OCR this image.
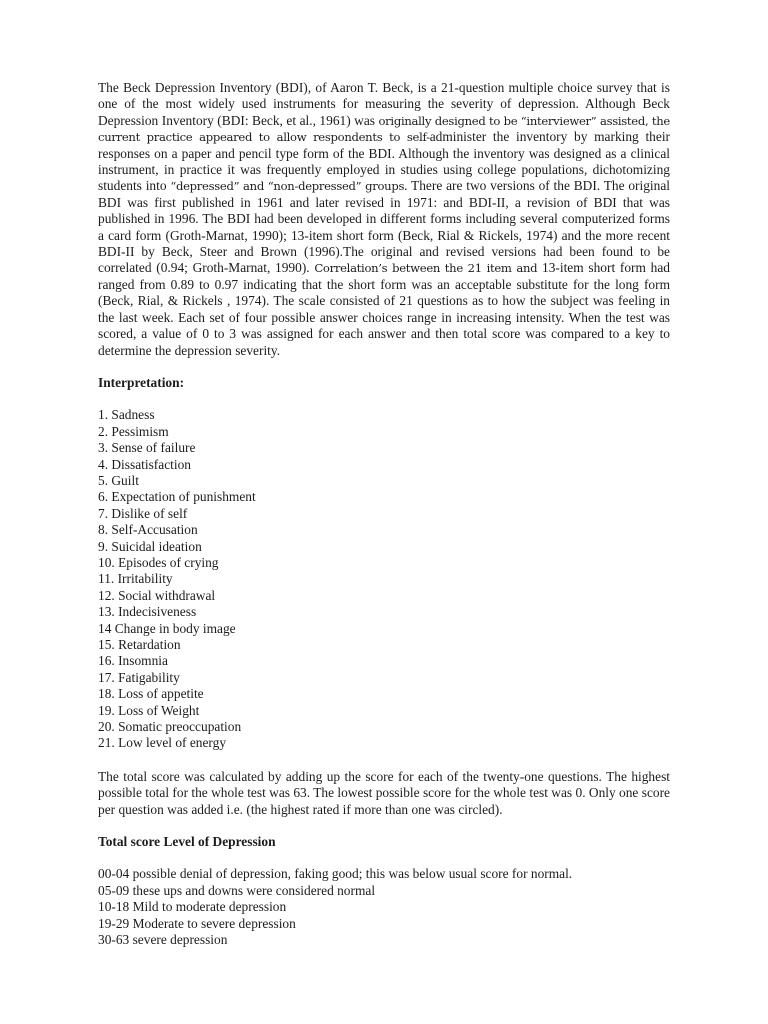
The Beck Depression Inventory (BDI), of Aaron T. Beck, is a 21-question multiple choice survey that is one of the most widely used instruments for measuring the severity of depression. Although Beck Depression Inventory (BDI: Beck, et al., 1961) was originally designed to be “interviewer” assisted, the current practice appeared to allow respondents to self-administer the inventory by marking their responses on a paper and pencil type form of the BDI. Although the inventory was designed as a clinical instrument, in practice it was frequently employed in studies using college populations, dichotomizing students into “depressed” and “non-depressed” groups. There are two versions of the BDI. The original BDI was first published in 1961 and later revised in 1971: and BDI-II, a revision of BDI that was published in 1996. The BDI had been developed in different forms including several computerized forms a card form (Groth-Marnat, 1990); 13-item short form (Beck, Rial & Rickels, 1974) and the more recent BDI-II by Beck, Steer and Brown (1996).The original and revised versions had been found to be correlated (0.94; Groth-Marnat, 1990). Correlation’s between the 21 item and 13-item short form had ranged from 0.89 to 0.97 indicating that the short form was an acceptable substitute for the long form (Beck, Rial, & Rickels , 1974). The scale consisted of 21 questions as to how the subject was feeling in the last week. Each set of four possible answer choices range in increasing intensity. When the test was scored, a value of 0 to 3 was assigned for each answer and then total score was compared to a key to determine the depression severity.

Interpretation:

1. Sadness
2. Pessimism
3. Sense of failure
4. Dissatisfaction
5. Guilt
6. Expectation of punishment
7. Dislike of self
8. Self-Accusation
9. Suicidal ideation
10. Episodes of crying
11. Irritability
12. Social withdrawal
13. Indecisiveness
14 Change in body image
15. Retardation
16. Insomnia
17. Fatigability
18. Loss of appetite
19. Loss of Weight
20. Somatic preoccupation
21. Low level of energy

The total score was calculated by adding up the score for each of the twenty-one questions. The highest possible total for the whole test was 63. The lowest possible score for the whole test was 0. Only one score per question was added i.e. (the highest rated if more than one was circled).

Total score Level of Depression

00-04 possible denial of depression, faking good; this was below usual score for normal.
05-09 these ups and downs were considered normal
10-18 Mild to moderate depression
19-29 Moderate to severe depression
30-63 severe depression
